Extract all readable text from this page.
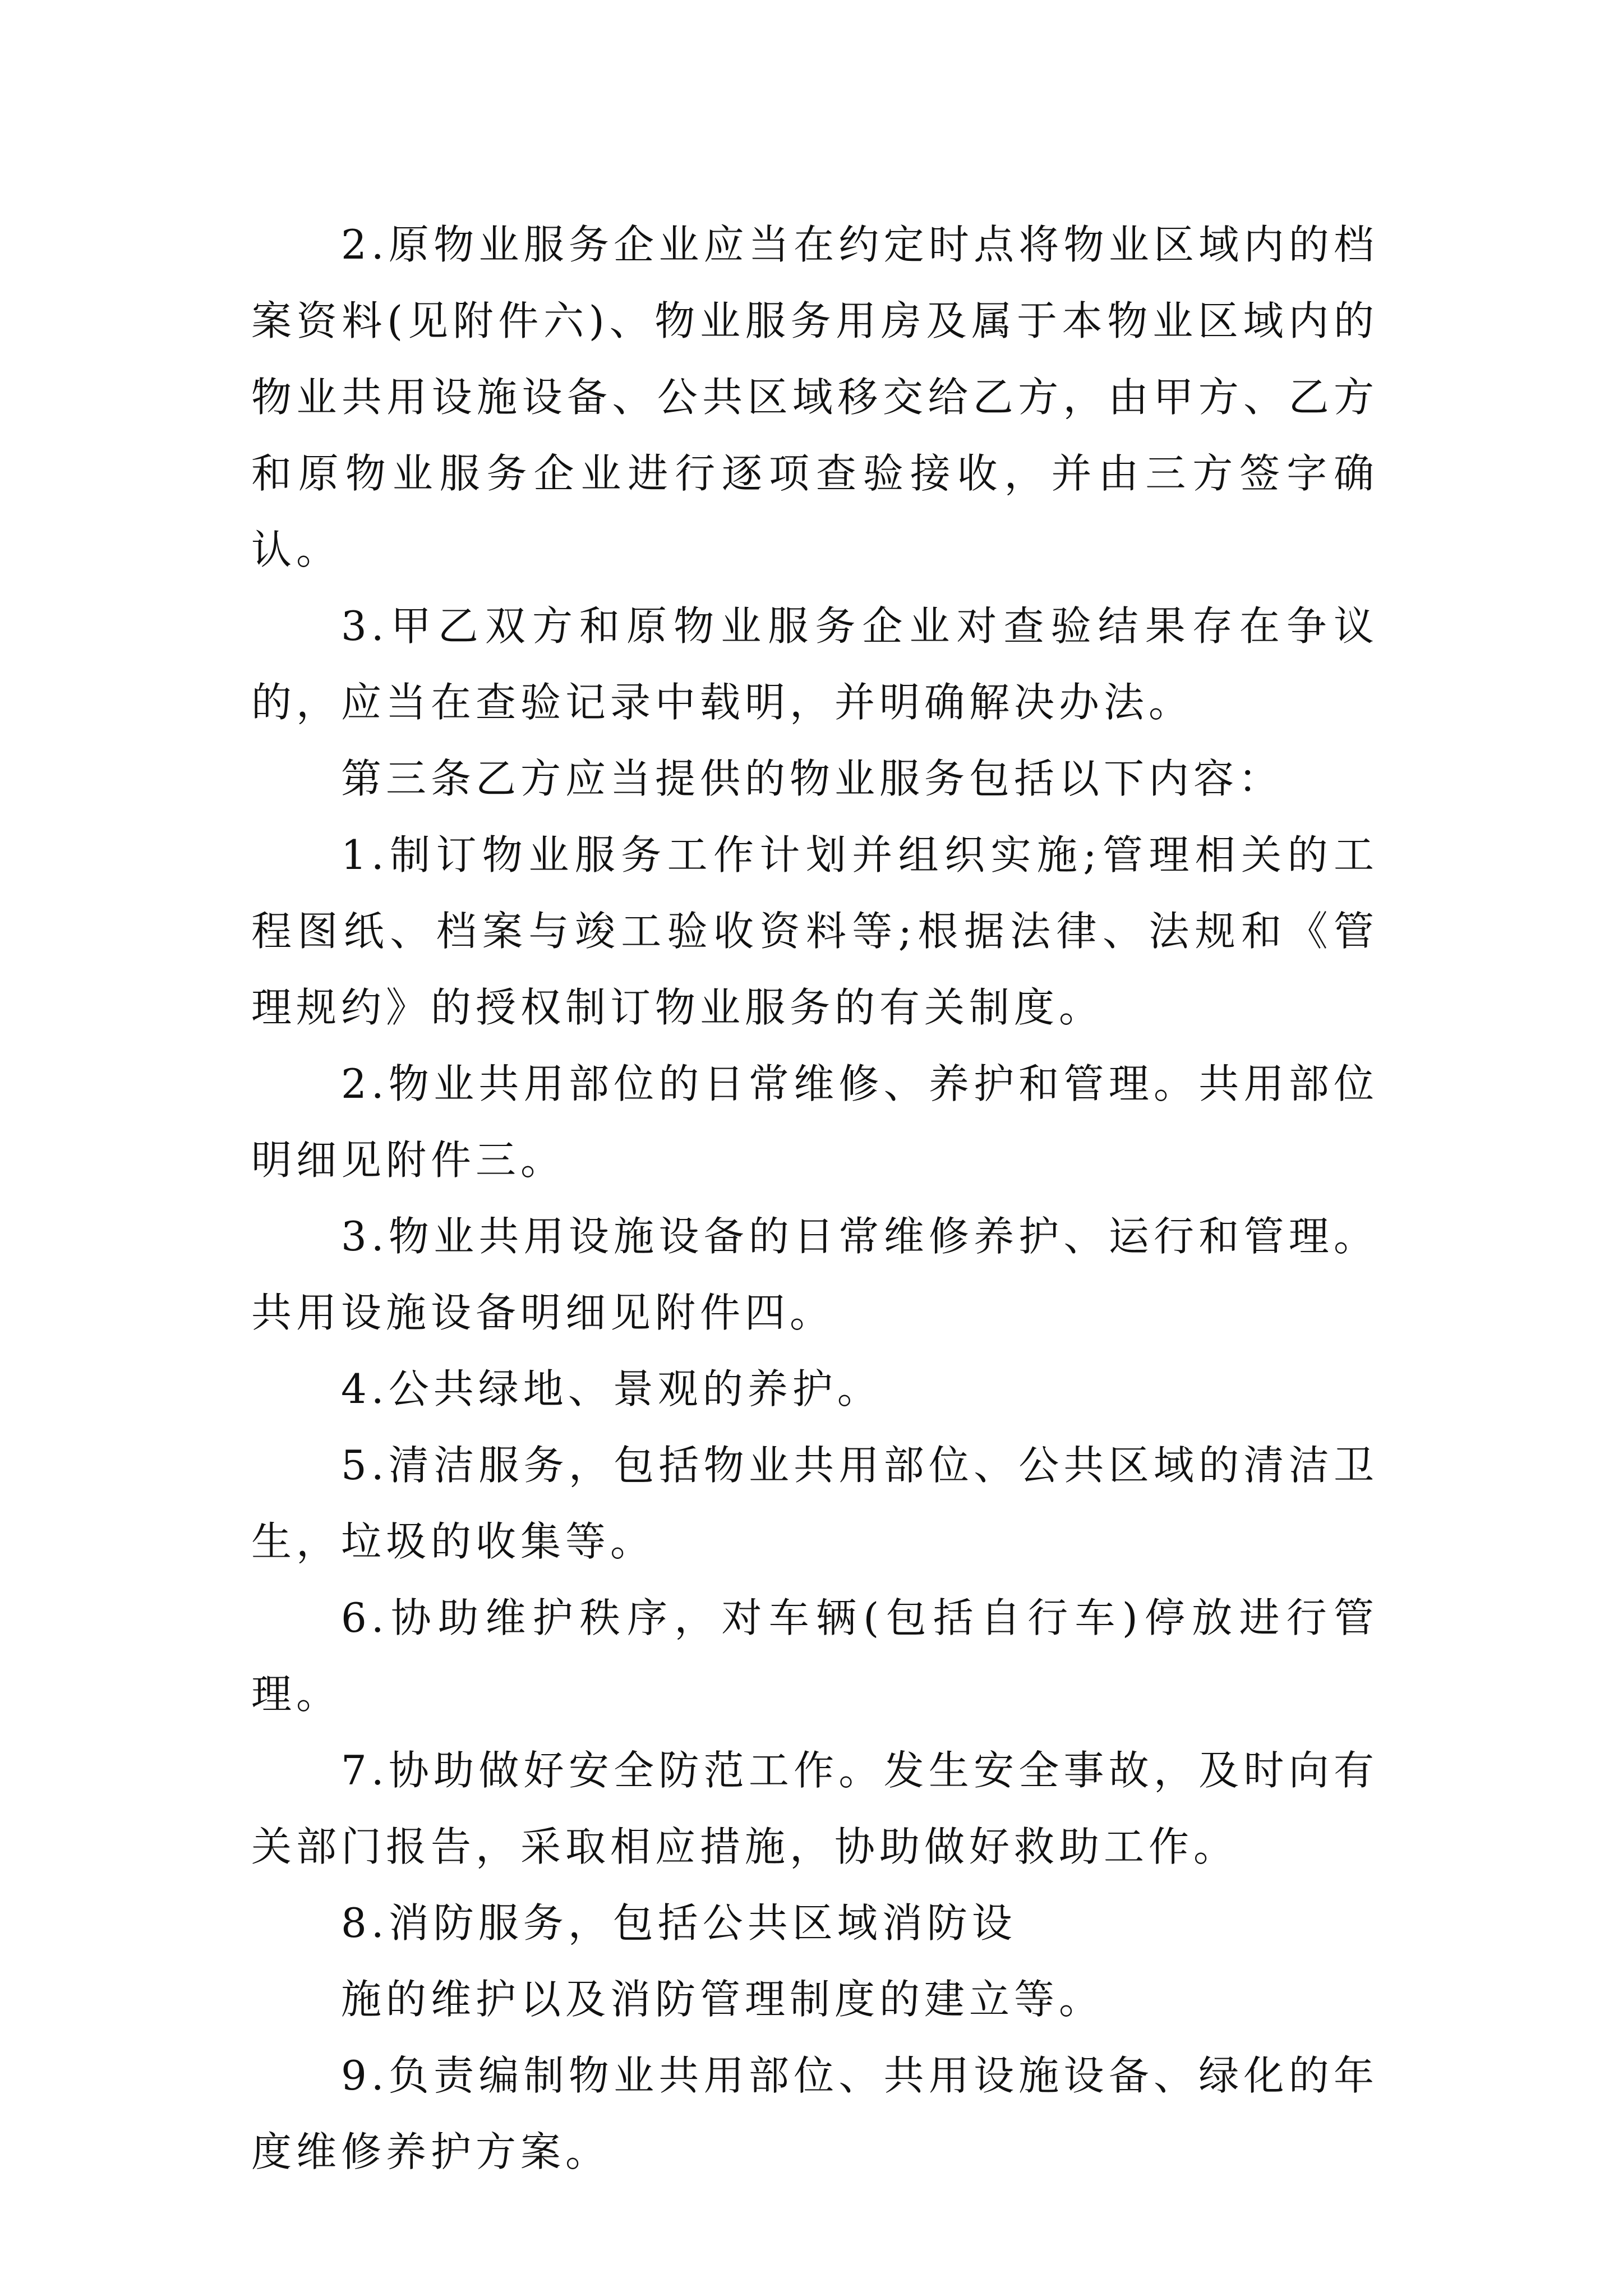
2.原物业服务企业应当在约定时点将物业区域内的档案资料(见附件六)、物业服务用房及属于本物业区域内的物业共用设施设备、公共区域移交给乙方，由甲方、乙方和原物业服务企业进行逐项查验接收，并由三方签字确认。

3.甲乙双方和原物业服务企业对查验结果存在争议的，应当在查验记录中载明，并明确解决办法。

第三条乙方应当提供的物业服务包括以下内容：

1.制订物业服务工作计划并组织实施;管理相关的工程图纸、档案与竣工验收资料等;根据法律、法规和《管理规约》的授权制订物业服务的有关制度。

2.物业共用部位的日常维修、养护和管理。共用部位明细见附件三。

3.物业共用设施设备的日常维修养护、运行和管理。共用设施设备明细见附件四。

4.公共绿地、景观的养护。

5.清洁服务，包括物业共用部位、公共区域的清洁卫生，垃圾的收集等。

6.协助维护秩序，对车辆(包括自行车)停放进行管理。

7.协助做好安全防范工作。发生安全事故，及时向有关部门报告，采取相应措施，协助做好救助工作。

8.消防服务，包括公共区域消防设

施的维护以及消防管理制度的建立等。

9.负责编制物业共用部位、共用设施设备、绿化的年度维修养护方案。
